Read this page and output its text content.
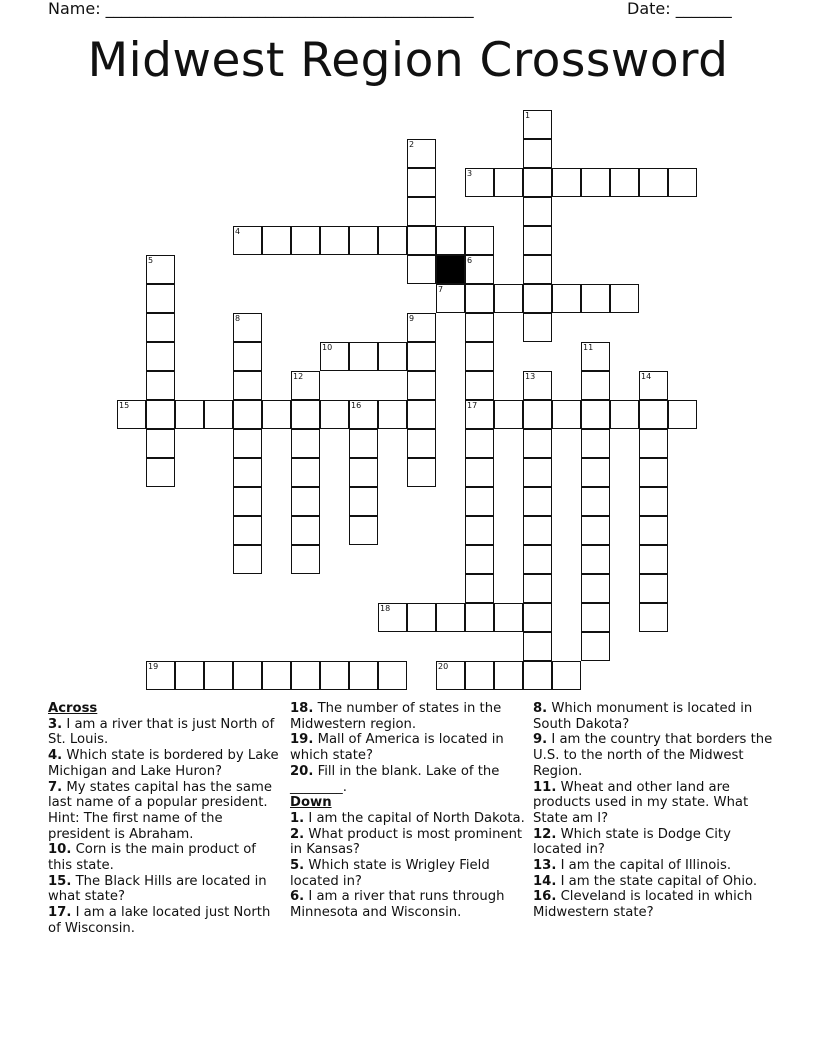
Name: ______________________________________________	Date: _______
Midwest Region Crossword
1
2
3
4
5	6
17
7
8	9
10	11
12	13	14
15	16
18
19	20

Across

3. I am a river that is just North of St. Louis.

4. Which state is bordered by Lake Michigan and Lake Huron?

7. My states capital has the same last name of a popular president. Hint: The first name of the president is Abraham.

10. Corn is the main product of this state.

15. The Black Hills are located in what state?

17. I am a lake located just North of Wisconsin.

18. The number of states in the Midwestern region.

19. Mall of America is located in which state?

20. Fill in the blank. Lake of the ________.

Down

1. I am the capital of North Dakota.

2. What product is most prominent in Kansas?

5. Which state is Wrigley Field located in?

6. I am a river that runs through Minnesota and Wisconsin.

8. Which monument is located in South Dakota?

9. I am the country that borders the U.S. to the north of the Midwest Region.

11. Wheat and other land are products used in my state. What State am I?

12. Which state is Dodge City located in?

13. I am the capital of Illinois.

14. I am the state capital of Ohio.

16. Cleveland is located in which Midwestern state?
